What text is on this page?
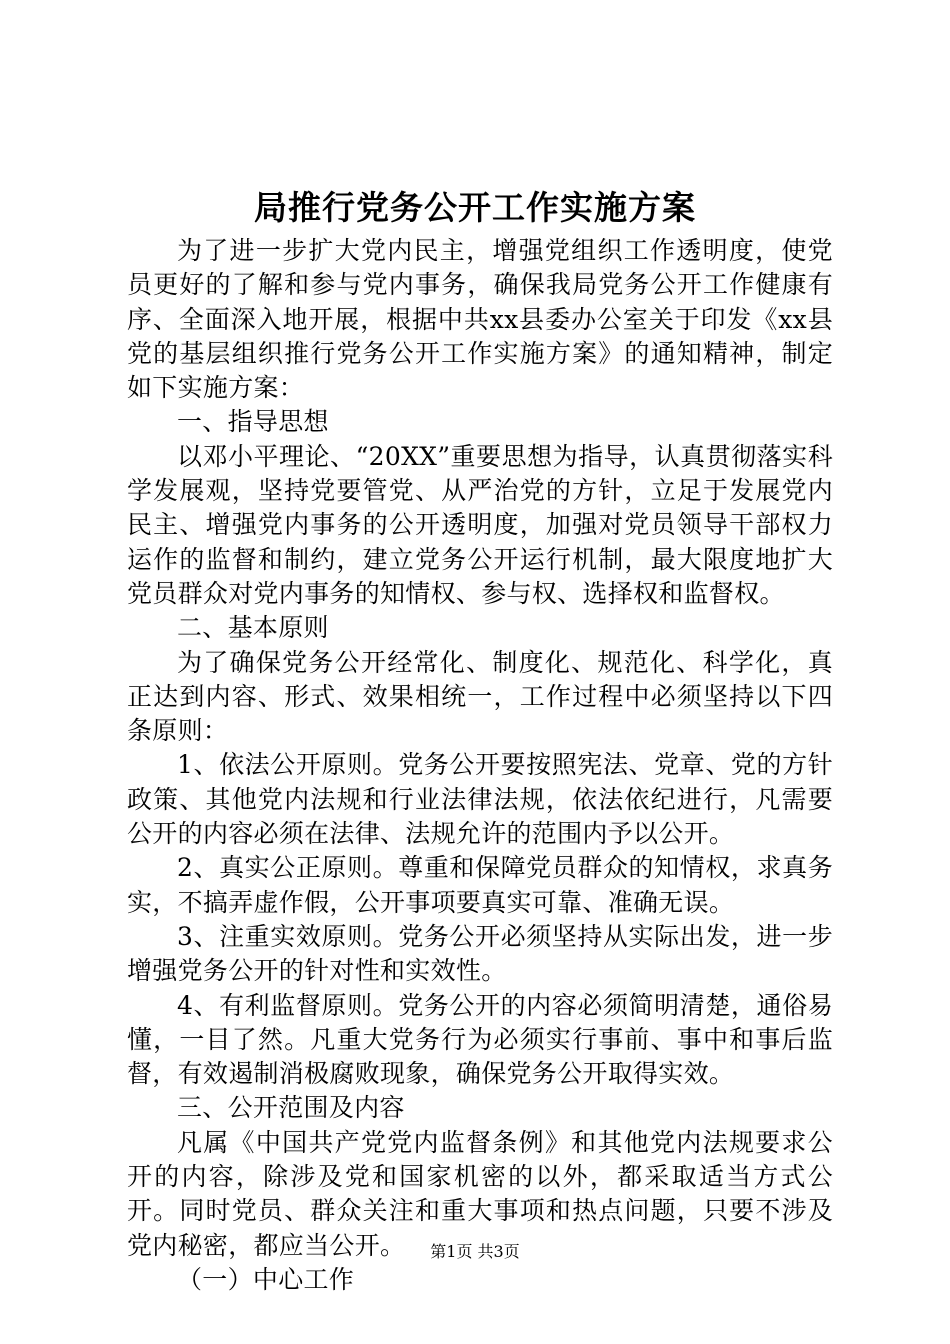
局推行党务公开工作实施方案

为了进一步扩大党内民主，增强党组织工作透明度，使党员更好的了解和参与党内事务，确保我局党务公开工作健康有序、全面深入地开展，根据中共xx县委办公室关于印发《xx县党的基层组织推行党务公开工作实施方案》的通知精神，制定如下实施方案：

一、指导思想

以邓小平理论、“20XX”重要思想为指导，认真贯彻落实科学发展观，坚持党要管党、从严治党的方针，立足于发展党内民主、增强党内事务的公开透明度，加强对党员领导干部权力运作的监督和制约，建立党务公开运行机制，最大限度地扩大党员群众对党内事务的知情权、参与权、选择权和监督权。

二、基本原则

为了确保党务公开经常化、制度化、规范化、科学化，真正达到内容、形式、效果相统一，工作过程中必须坚持以下四条原则：

1、依法公开原则。党务公开要按照宪法、党章、党的方针政策、其他党内法规和行业法律法规，依法依纪进行，凡需要公开的内容必须在法律、法规允许的范围内予以公开。

2、真实公正原则。尊重和保障党员群众的知情权，求真务实，不搞弄虚作假，公开事项要真实可靠、准确无误。

3、注重实效原则。党务公开必须坚持从实际出发，进一步增强党务公开的针对性和实效性。

4、有利监督原则。党务公开的内容必须简明清楚，通俗易懂，一目了然。凡重大党务行为必须实行事前、事中和事后监督，有效遏制消极腐败现象，确保党务公开取得实效。

三、公开范围及内容

凡属《中国共产党党内监督条例》和其他党内法规要求公开的内容，除涉及党和国家机密的以外，都采取适当方式公开。同时党员、群众关注和重大事项和热点问题，只要不涉及党内秘密，都应当公开。

（一）中心工作

第1页 共3页
